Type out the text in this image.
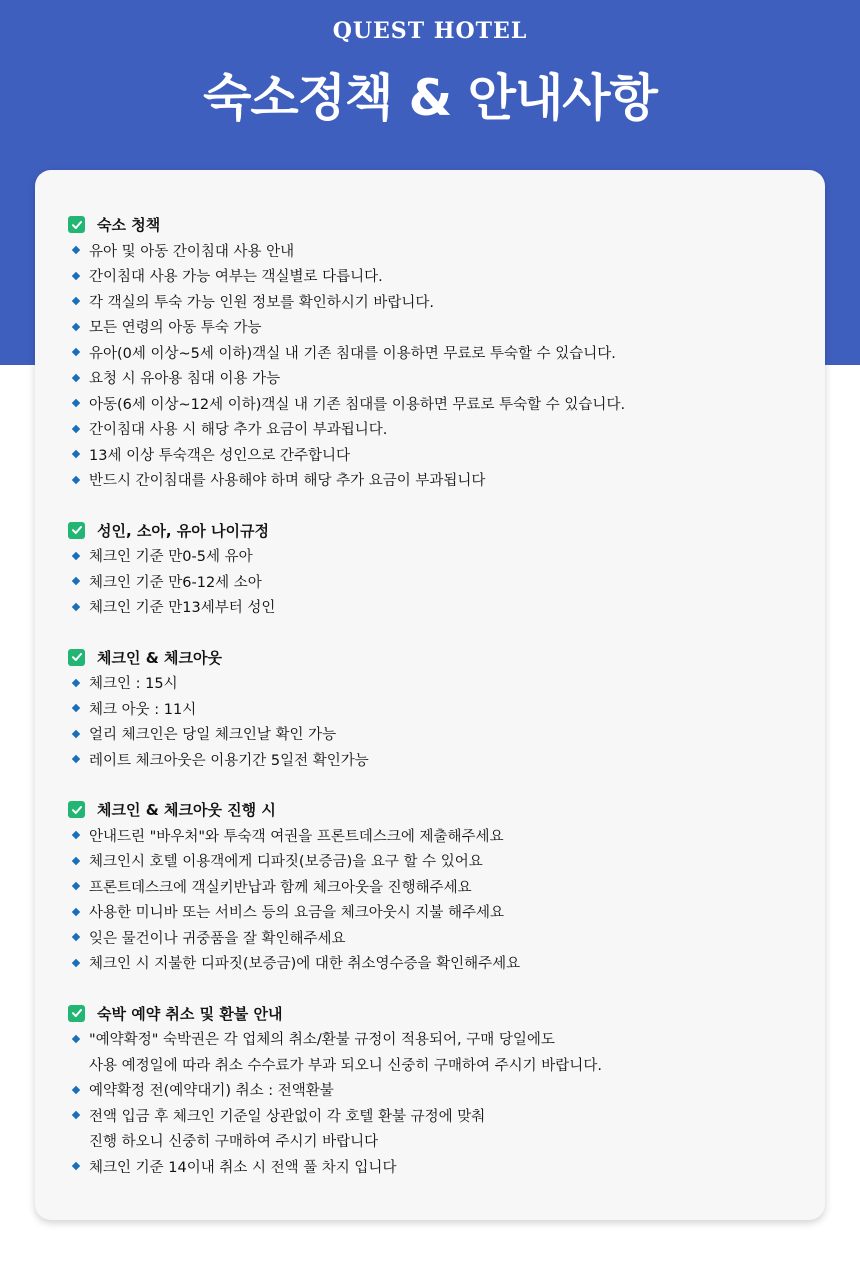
QUEST HOTEL
숙소정책 & 안내사항
숙소 청책
유아 및 아동 간이침대 사용 안내
간이침대 사용 가능 여부는 객실별로 다릅니다.
각 객실의 투숙 가능 인원 정보를 확인하시기 바랍니다.
모든 연령의 아동 투숙 가능
유아(0세 이상~5세 이하)객실 내 기존 침대를 이용하면 무료로 투숙할 수 있습니다.
요청 시 유아용 침대 이용 가능
아동(6세 이상~12세 이하)객실 내 기존 침대를 이용하면 무료로 투숙할 수 있습니다.
간이침대 사용 시 해당 추가 요금이 부과됩니다.
13세 이상 투숙객은 성인으로 간주합니다
반드시 간이침대를 사용해야 하며 해당 추가 요금이 부과됩니다
성인, 소아, 유아 나이규정
체크인 기준 만0-5세 유아
체크인 기준 만6-12세 소아
체크인 기준 만13세부터 성인
체크인 & 체크아웃
체크인 : 15시
체크 아웃 : 11시
얼리 체크인은 당일 체크인날 확인 가능
레이트 체크아웃은 이용기간 5일전 확인가능
체크인 & 체크아웃 진행 시
안내드린 "바우처"와 투숙객 여권을 프론트데스크에 제출해주세요
체크인시 호텔 이용객에게 디파짓(보증금)을 요구 할 수 있어요
프론트데스크에 객실키반납과 함께 체크아웃을 진행해주세요
사용한 미니바 또는 서비스 등의 요금을 체크아웃시 지불 해주세요
잊은 물건이나 귀중품을 잘 확인해주세요
체크인 시 지불한 디파짓(보증금)에 대한 취소영수증을 확인해주세요
숙박 예약 취소 및 환불 안내
"예약확정" 숙박권은 각 업체의 취소/환불 규정이 적용되어, 구매 당일에도
사용 예정일에 따라 취소 수수료가 부과 되오니 신중히 구매하여 주시기 바랍니다.
예약확정 전(예약대기) 취소 : 전액환불
전액 입금 후 체크인 기준일 상관없이 각 호텔 환불 규정에 맞춰
진행 하오니 신중히 구매하여 주시기 바랍니다
체크인 기준 14이내 취소 시 전액 풀 차지 입니다
